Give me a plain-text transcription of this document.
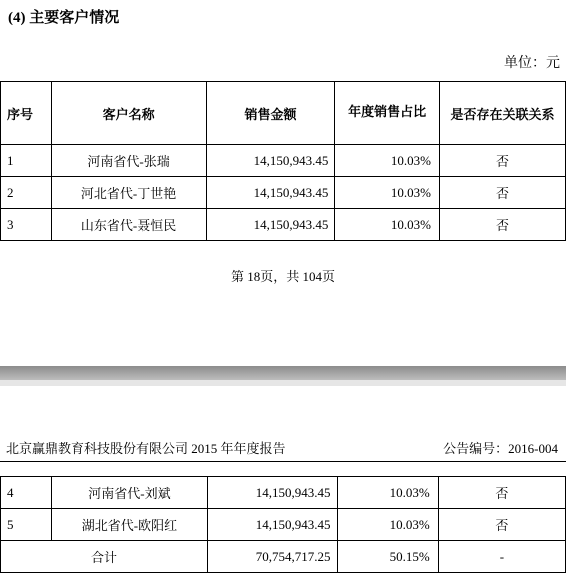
(4) 主要客户情况
单位：元
序号	客户名称	销售金额	年度销售占比	是否存在关联关系
1	河南省代-张瑞	14,150,943.45	10.03%	否
2	河北省代-丁世艳	14,150,943.45	10.03%	否
3	山东省代-聂恒民	14,150,943.45	10.03%	否
第 18页，共 104页
北京赢鼎教育科技股份有限公司 2015 年年度报告	公告编号：2016-004
4	河南省代-刘斌	14,150,943.45	10.03%	否
5	湖北省代-欧阳红	14,150,943.45	10.03%	否
合计		70,754,717.25	50.15%	-
